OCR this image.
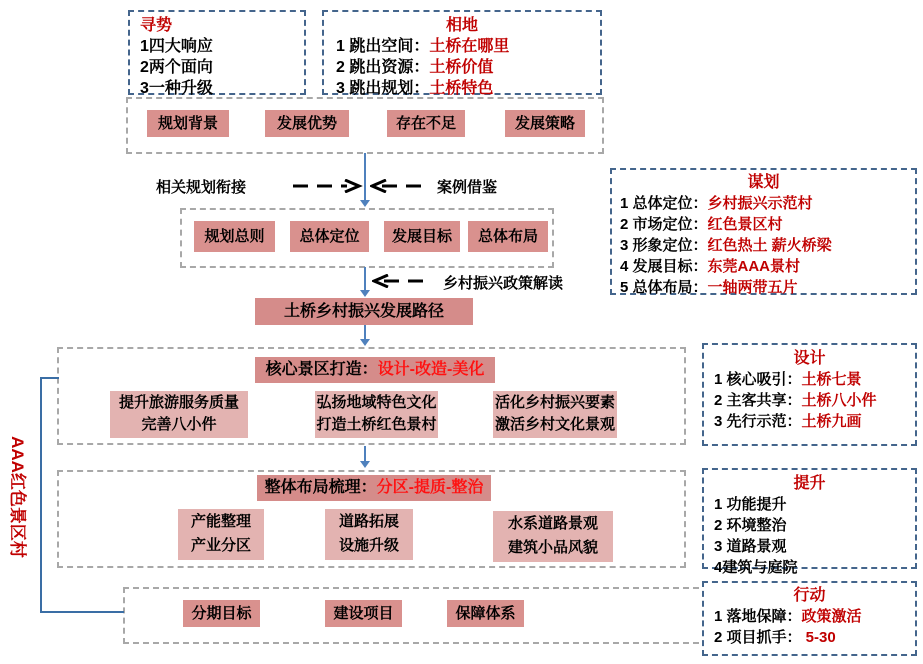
寻势
1四大响应
2两个面向
3一种升级
相地
1 跳出空间：土桥在哪里
2 跳出资源：土桥价值
3 跳出规划：土桥特色
规划背景	发展优势	存在不足	发展策略
相关规划衔接	案例借鉴
规划总则	总体定位	发展目标	总体布局
谋划
1 总体定位：乡村振兴示范村
2 市场定位：红色景区村
3 形象定位：红色热土 薪火桥梁
4 发展目标：东莞AAA景村
5 总体布局：一轴两带五片
乡村振兴政策解读
土桥乡村振兴发展路径
核心景区打造：设计-改造-美化
提升旅游服务质量
完善八小件
弘扬地域特色文化
打造土桥红色景村
活化乡村振兴要素
激活乡村文化景观
设计
1 核心吸引：土桥七景
2 主客共享：土桥八小件
3 先行示范：土桥九画
整体布局梳理：分区-提质-整治
产能整理
产业分区
道路拓展
设施升级
水系道路景观
建筑小品风貌
提升
1 功能提升
2 环境整治
3 道路景观
4建筑与庭院
分期目标	建设项目	保障体系
行动
1 落地保障：政策激活
2 项目抓手： 5-30
AAA红色景区村
